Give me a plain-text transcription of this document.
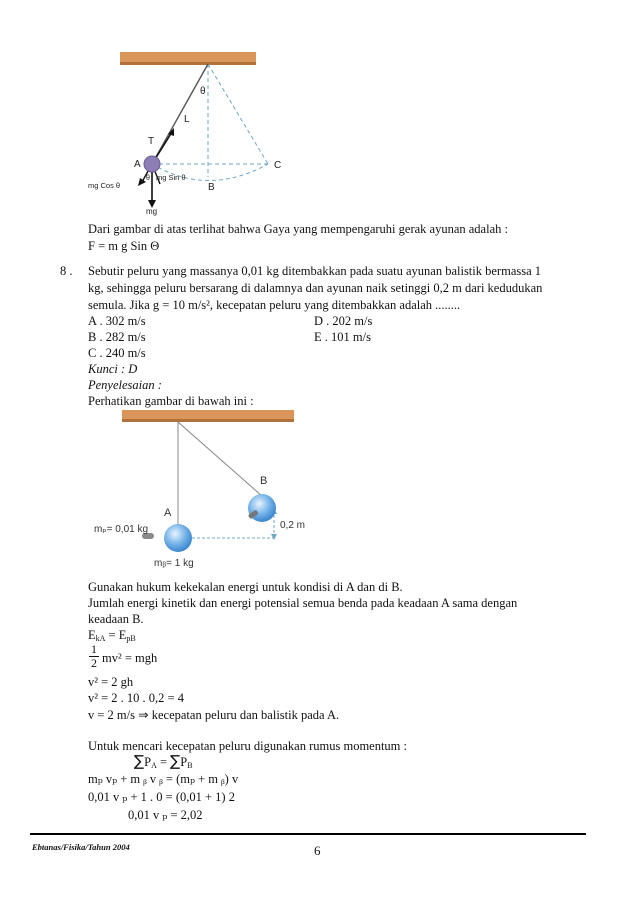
θ
L
T
A
B
C
θ
mg Cos θ
mg Sin θ
mg
Dari gambar di atas terlihat bahwa Gaya yang mempengaruhi gerak ayunan adalah :
F = m g Sin Θ
8 . Sebutir peluru yang massanya 0,01 kg ditembakkan pada suatu ayunan balistik bermassa 1
kg, sehingga peluru bersarang di dalamnya dan ayunan naik setinggi 0,2 m dari kedudukan
semula. Jika g = 10 m/s², kecepatan peluru yang ditembakkan adalah ........
A . 302 m/s
B . 282 m/s
C . 240 m/s
D . 202 m/s
E . 101 m/s
Kunci : D
Penyelesaian :
Perhatikan gambar di bawah ini :
A
B
0,2 m
mₚ= 0,01 kg
mᵦ= 1 kg
Gunakan hukum kekekalan energi untuk kondisi di A dan di B.
Jumlah energi kinetik dan energi potensial semua benda pada keadaan A sama dengan
keadaan B.
$E_{kA} = E_{pB}$
1
2 mv² = mgh
v² = 2 gh
v² = 2 . 10 . 0,2 = 4
v = 2 m/s ⇒ kecepatan peluru dan balistik pada A.
Untuk mencari kecepatan peluru digunakan rumus momentum :
$\sum P_A = \sum P_B$
mₚ vₚ + m ᵦ v ᵦ = (mₚ + m ᵦ) v
0,01 v ₚ + 1 . 0 = (0,01 + 1) 2
0,01 v ₚ = 2,02
Ebtanas/Fisika/Tahun 2004	6
